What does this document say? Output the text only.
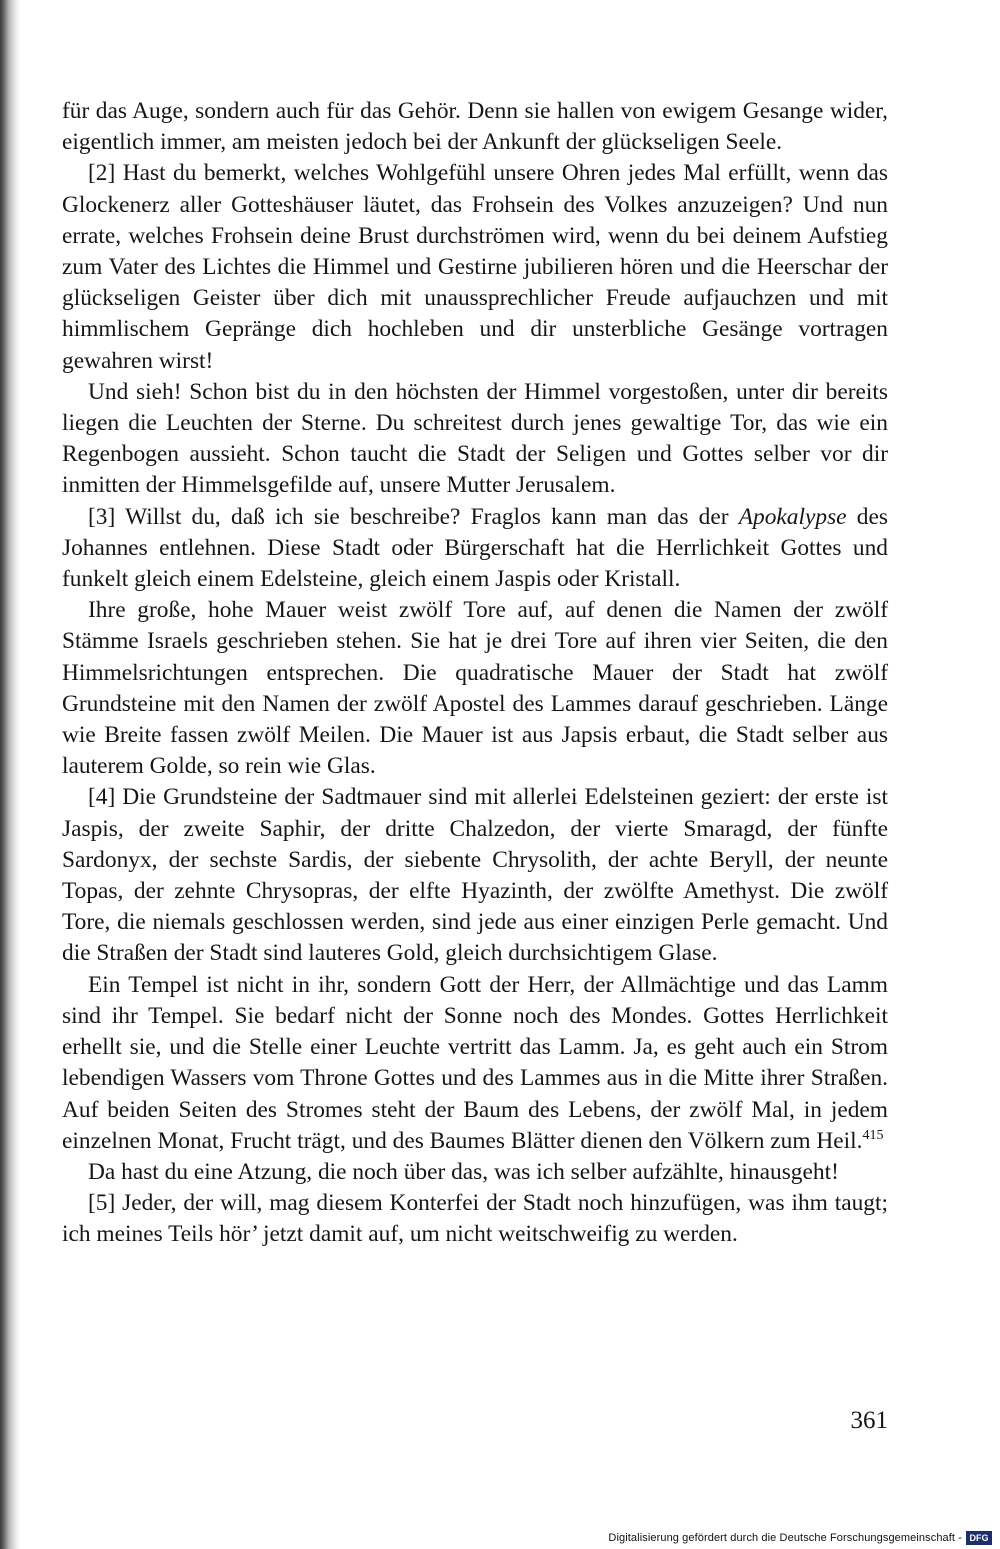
für das Auge, sondern auch für das Gehör. Denn sie hallen von ewigem Gesange wider, eigentlich immer, am meisten jedoch bei der Ankunft der glückseligen Seele.

[2] Hast du bemerkt, welches Wohlgefühl unsere Ohren jedes Mal erfüllt, wenn das Glockenerz aller Gotteshäuser läutet, das Frohsein des Volkes anzuzeigen? Und nun errate, welches Frohsein deine Brust durchströmen wird, wenn du bei deinem Aufstieg zum Vater des Lichtes die Himmel und Gestirne jubilieren hören und die Heerschar der glückseligen Geister über dich mit unaussprechlicher Freude aufjauchzen und mit himmlischem Gepränge dich hochleben und dir unsterbliche Gesänge vortragen gewahren wirst!

Und sieh! Schon bist du in den höchsten der Himmel vorgestoßen, unter dir bereits liegen die Leuchten der Sterne. Du schreitest durch jenes gewaltige Tor, das wie ein Regenbogen aussieht. Schon taucht die Stadt der Seligen und Gottes selber vor dir inmitten der Himmelsgefilde auf, unsere Mutter Jerusalem.

[3] Willst du, daß ich sie beschreibe? Fraglos kann man das der Apokalypse des Johannes entlehnen. Diese Stadt oder Bürgerschaft hat die Herrlichkeit Gottes und funkelt gleich einem Edelsteine, gleich einem Jaspis oder Kristall.

Ihre große, hohe Mauer weist zwölf Tore auf, auf denen die Namen der zwölf Stämme Israels geschrieben stehen. Sie hat je drei Tore auf ihren vier Seiten, die den Himmelsrichtungen entsprechen. Die quadratische Mauer der Stadt hat zwölf Grundsteine mit den Namen der zwölf Apostel des Lammes darauf geschrieben. Länge wie Breite fassen zwölf Meilen. Die Mauer ist aus Japsis erbaut, die Stadt selber aus lauterem Golde, so rein wie Glas.

[4] Die Grundsteine der Sadtmauer sind mit allerlei Edelsteinen geziert: der erste ist Jaspis, der zweite Saphir, der dritte Chalzedon, der vierte Smaragd, der fünfte Sardonyx, der sechste Sardis, der siebente Chrysolith, der achte Beryll, der neunte Topas, der zehnte Chrysopras, der elfte Hyazinth, der zwölfte Amethyst. Die zwölf Tore, die niemals geschlossen werden, sind jede aus einer einzigen Perle gemacht. Und die Straßen der Stadt sind lauteres Gold, gleich durchsichtigem Glase.

Ein Tempel ist nicht in ihr, sondern Gott der Herr, der Allmächtige und das Lamm sind ihr Tempel. Sie bedarf nicht der Sonne noch des Mondes. Gottes Herrlichkeit erhellt sie, und die Stelle einer Leuchte vertritt das Lamm. Ja, es geht auch ein Strom lebendigen Wassers vom Throne Gottes und des Lammes aus in die Mitte ihrer Straßen. Auf beiden Seiten des Stromes steht der Baum des Lebens, der zwölf Mal, in jedem einzelnen Monat, Frucht trägt, und des Baumes Blätter dienen den Völkern zum Heil.$^{415}$

Da hast du eine Atzung, die noch über das, was ich selber aufzählte, hinausgeht!

[5] Jeder, der will, mag diesem Konterfei der Stadt noch hinzufügen, was ihm taugt; ich meines Teils hör’ jetzt damit auf, um nicht weitschweifig zu werden.

361
Digitalisierung gefördert durch die Deutsche Forschungsgemeinschaft - DFG
